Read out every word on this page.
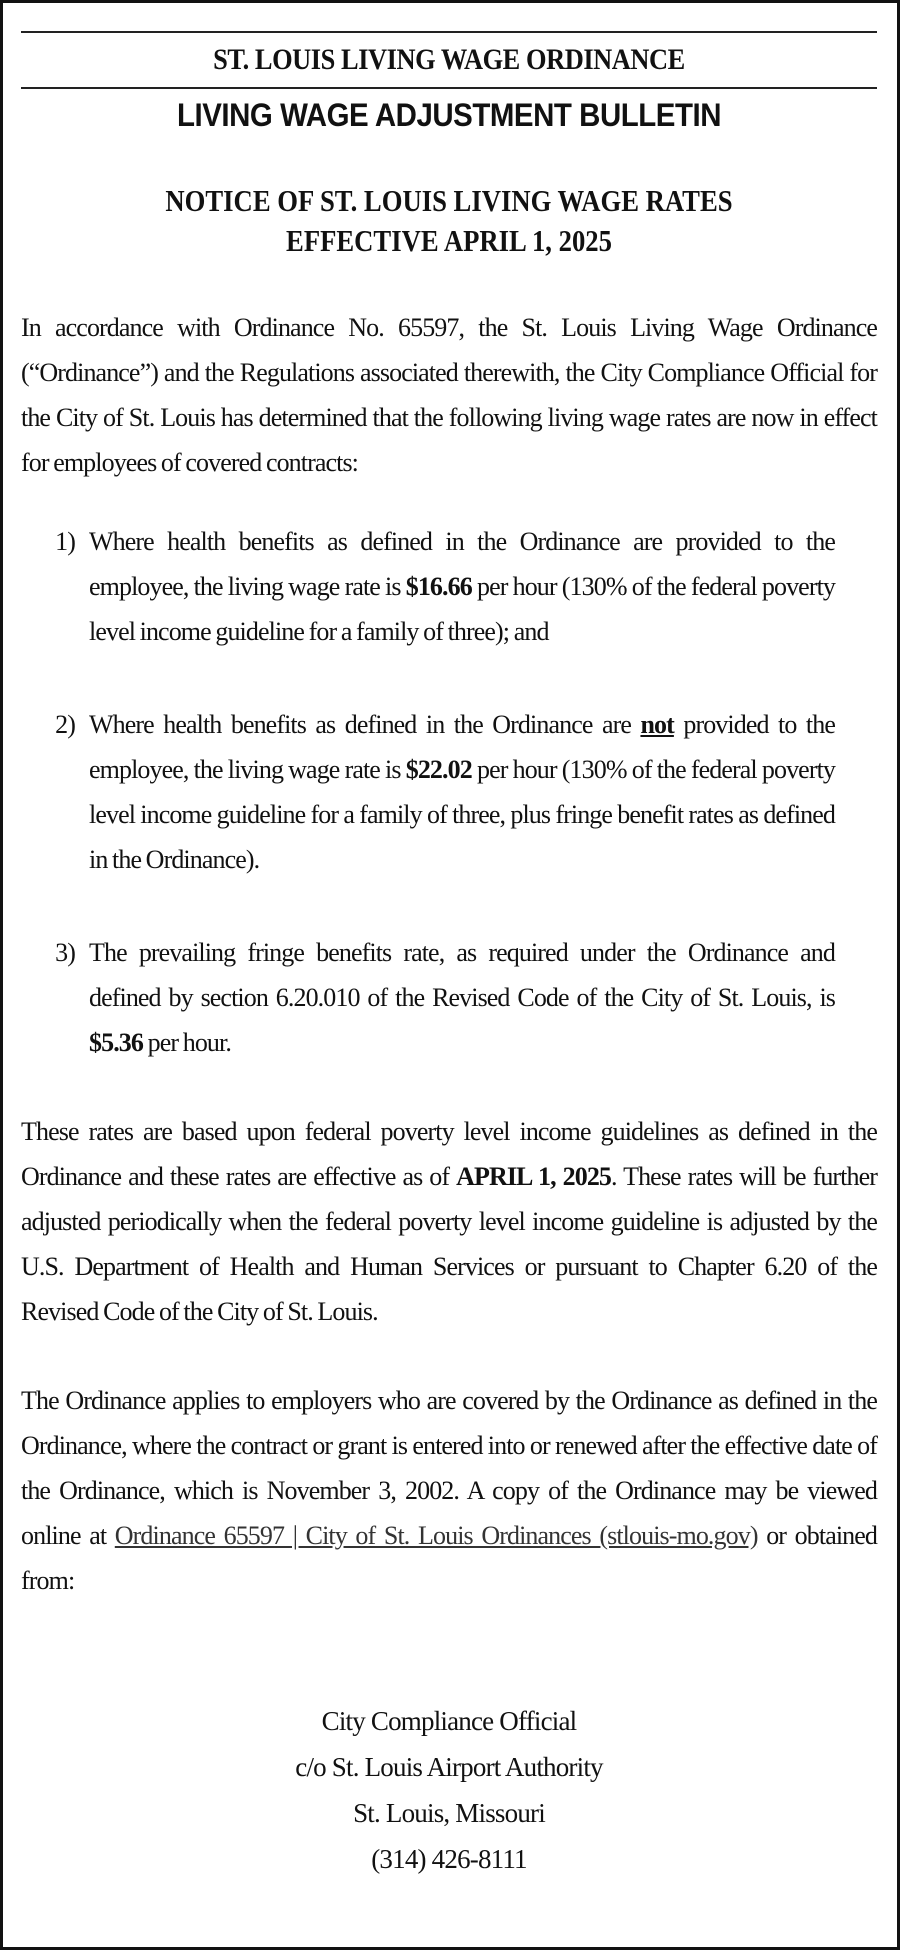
ST. LOUIS LIVING WAGE ORDINANCE
LIVING WAGE ADJUSTMENT BULLETIN
NOTICE OF ST. LOUIS LIVING WAGE RATES
EFFECTIVE APRIL 1, 2025
In accordance with Ordinance No. 65597, the St. Louis Living Wage Ordinance (“Ordinance”) and the Regulations associated therewith, the City Compliance Official for the City of St. Louis has determined that the following living wage rates are now in effect for employees of covered contracts:
1) Where health benefits as defined in the Ordinance are provided to the employee, the living wage rate is $16.66 per hour (130% of the federal poverty level income guideline for a family of three); and
2) Where health benefits as defined in the Ordinance are not provided to the employee, the living wage rate is $22.02 per hour (130% of the federal poverty level income guideline for a family of three, plus fringe benefit rates as defined in the Ordinance).
3) The prevailing fringe benefits rate, as required under the Ordinance and defined by section 6.20.010 of the Revised Code of the City of St. Louis, is $5.36 per hour.
These rates are based upon federal poverty level income guidelines as defined in the Ordinance and these rates are effective as of APRIL 1, 2025. These rates will be further adjusted periodically when the federal poverty level income guideline is adjusted by the U.S. Department of Health and Human Services or pursuant to Chapter 6.20 of the Revised Code of the City of St. Louis.
The Ordinance applies to employers who are covered by the Ordinance as defined in the Ordinance, where the contract or grant is entered into or renewed after the effective date of the Ordinance, which is November 3, 2002. A copy of the Ordinance may be viewed online at Ordinance 65597 | City of St. Louis Ordinances (stlouis-mo.gov) or obtained from:
City Compliance Official
c/o St. Louis Airport Authority
St. Louis, Missouri
(314) 426-8111
